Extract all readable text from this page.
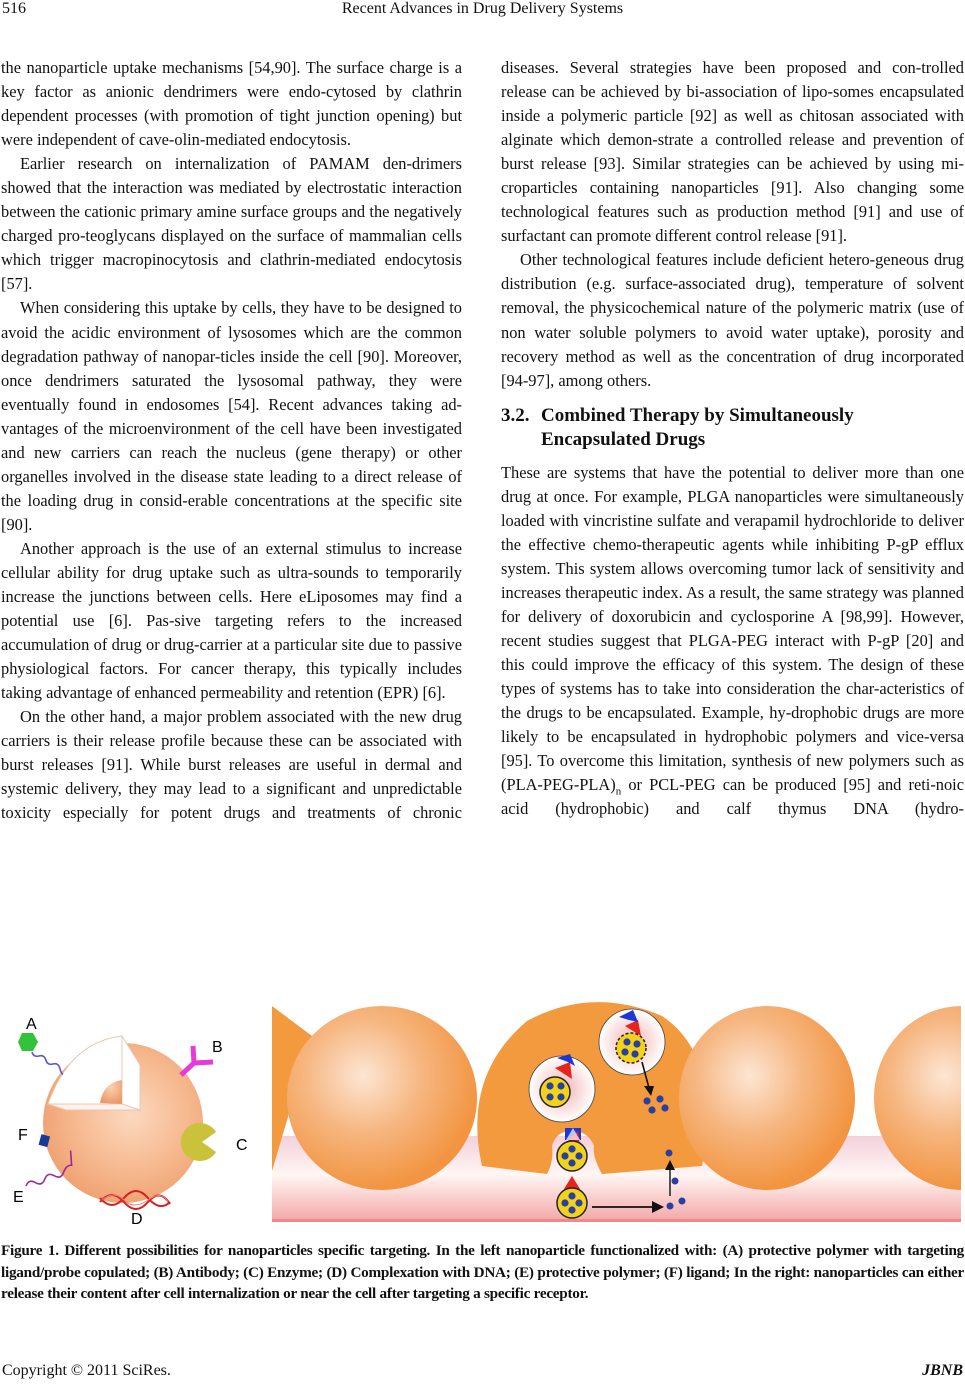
516	Recent Advances in Drug Delivery Systems

the nanoparticle uptake mechanisms [54,90]. The surface charge is a key factor as anionic dendrimers were endo-cytosed by clathrin dependent processes (with promotion of tight junction opening) but were independent of cave-olin-mediated endocytosis.

Earlier research on internalization of PAMAM den-drimers showed that the interaction was mediated by electrostatic interaction between the cationic primary amine surface groups and the negatively charged pro-teoglycans displayed on the surface of mammalian cells which trigger macropinocytosis and clathrin-mediated endocytosis [57].

When considering this uptake by cells, they have to be designed to avoid the acidic environment of lysosomes which are the common degradation pathway of nanopar-ticles inside the cell [90]. Moreover, once dendrimers saturated the lysosomal pathway, they were eventually found in endosomes [54]. Recent advances taking ad-vantages of the microenvironment of the cell have been investigated and new carriers can reach the nucleus (gene therapy) or other organelles involved in the disease state leading to a direct release of the loading drug in consid-erable concentrations at the specific site [90].

Another approach is the use of an external stimulus to increase cellular ability for drug uptake such as ultra-sounds to temporarily increase the junctions between cells. Here eLiposomes may find a potential use [6]. Pas-sive targeting refers to the increased accumulation of drug or drug-carrier at a particular site due to passive physiological factors. For cancer therapy, this typically includes taking advantage of enhanced permeability and retention (EPR) [6].

On the other hand, a major problem associated with the new drug carriers is their release profile because these can be associated with burst releases [91]. While burst releases are useful in dermal and systemic delivery, they may lead to a significant and unpredictable toxicity especially for potent drugs and treatments of chronic

diseases. Several strategies have been proposed and con-trolled release can be achieved by bi-association of lipo-somes encapsulated inside a polymeric particle [92] as well as chitosan associated with alginate which demon-strate a controlled release and prevention of burst release [93]. Similar strategies can be achieved by using mi-croparticles containing nanoparticles [91]. Also changing some technological features such as production method [91] and use of surfactant can promote different control release [91].

Other technological features include deficient hetero-geneous drug distribution (e.g. surface-associated drug), temperature of solvent removal, the physicochemical nature of the polymeric matrix (use of non water soluble polymers to avoid water uptake), porosity and recovery method as well as the concentration of drug incorporated [94-97], among others.

3.2. Combined Therapy by Simultaneously Encapsulated Drugs

These are systems that have the potential to deliver more than one drug at once. For example, PLGA nanoparticles were simultaneously loaded with vincristine sulfate and verapamil hydrochloride to deliver the effective chemo-therapeutic agents while inhibiting P-gP efflux system. This system allows overcoming tumor lack of sensitivity and increases therapeutic index. As a result, the same strategy was planned for delivery of doxorubicin and cyclosporine A [98,99]. However, recent studies suggest that PLGA-PEG interact with P-gP [20] and this could improve the efficacy of this system. The design of these types of systems has to take into consideration the char-acteristics of the drugs to be encapsulated. Example, hy-drophobic drugs are more likely to be encapsulated in hydrophobic polymers and vice-versa [95]. To overcome this limitation, synthesis of new polymers such as $(PLA-PEG-PLA)_n$ or PCL-PEG can be produced [95] and reti-noic acid (hydrophobic) and calf thymus DNA (hydro-

A
B
C
D
E
F

Figure 1. Different possibilities for nanoparticles specific targeting. In the left nanoparticle functionalized with: (A) protective polymer with targeting ligand/probe copulated; (B) Antibody; (C) Enzyme; (D) Complexation with DNA; (E) protective polymer; (F) ligand; In the right: nanoparticles can either release their content after cell internalization or near the cell after targeting a specific receptor.

Copyright © 2011 SciRes.	JBNB
